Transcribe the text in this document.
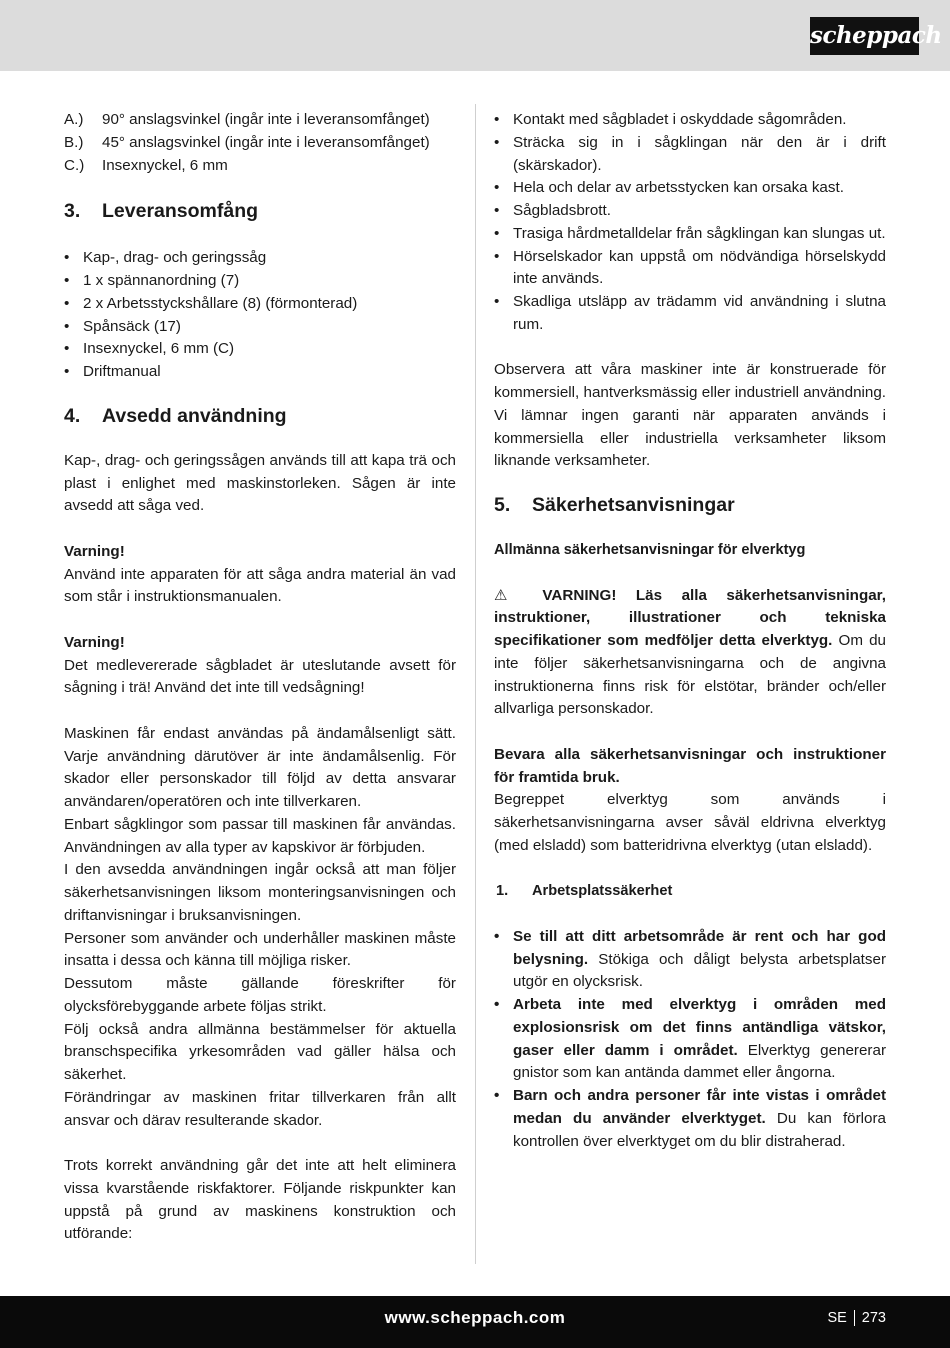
scheppach
A.)	90° anslagsvinkel (ingår inte i leveransomfånget)
B.)	45° anslagsvinkel (ingår inte i leveransomfånget)
C.)	Insexnyckel, 6 mm
3.	Leveransomfång
• Kap-, drag- och geringssåg
• 1 x spännanordning (7)
• 2 x Arbetsstyckshållare (8) (förmonterad)
• Spånsäck (17)
• Insexnyckel, 6 mm (C)
• Driftmanual
4.	Avsedd användning
Kap-, drag- och geringssågen används till att kapa trä och plast i enlighet med maskinstorleken. Sågen är inte avsedd att såga ved.
Varning!
Använd inte apparaten för att såga andra material än vad som står i instruktionsmanualen.
Varning!
Det medlevererade sågbladet är uteslutande avsett för sågning i trä! Använd det inte till vedsågning!
Maskinen får endast användas på ändamålsenligt sätt. Varje användning därutöver är inte ändamålsenlig. För skador eller personskador till följd av detta ansvarar användaren/operatören och inte tillverkaren.
Enbart sågklingor som passar till maskinen får användas. Användningen av alla typer av kapskivor är förbjuden.
I den avsedda användningen ingår också att man följer säkerhetsanvisningen liksom monteringsanvisningen och driftanvisningar i bruksanvisningen.
Personer som använder och underhåller maskinen måste insatta i dessa och känna till möjliga risker.
Dessutom måste gällande föreskrifter för olycksförebyggande arbete följas strikt.
Följ också andra allmänna bestämmelser för aktuella branschspecifika yrkesområden vad gäller hälsa och säkerhet.
Förändringar av maskinen fritar tillverkaren från allt ansvar och därav resulterande skador.
Trots korrekt användning går det inte att helt eliminera vissa kvarstående riskfaktorer. Följande riskpunkter kan uppstå på grund av maskinens konstruktion och utförande:
• Kontakt med sågbladet i oskyddade sågområden.
• Sträcka sig in i sågklingan när den är i drift (skärskador).
• Hela och delar av arbetsstycken kan orsaka kast.
• Sågbladsbrott.
• Trasiga hårdmetalldelar från sågklingan kan slungas ut.
• Hörselskador kan uppstå om nödvändiga hörselskydd inte används.
• Skadliga utsläpp av trädamm vid användning i slutna rum.
Observera att våra maskiner inte är konstruerade för kommersiell, hantverksmässig eller industriell användning. Vi lämnar ingen garanti när apparaten används i kommersiella eller industriella verksamheter liksom liknande verksamheter.
5.	Säkerhetsanvisningar
Allmänna säkerhetsanvisningar för elverktyg
⚠ VARNING! Läs alla säkerhetsanvisningar, instruktioner, illustrationer och tekniska specifikationer som medföljer detta elverktyg. Om du inte följer säkerhetsanvisningarna och de angivna instruktionerna finns risk för elstötar, bränder och/eller allvarliga personskador.
Bevara alla säkerhetsanvisningar och instruktioner för framtida bruk.
Begreppet elverktyg som används i säkerhetsanvisningarna avser såväl eldrivna elverktyg (med elsladd) som batteridrivna elverktyg (utan elsladd).
1.	Arbetsplatssäkerhet
• Se till att ditt arbetsområde är rent och har god belysning. Stökiga och dåligt belysta arbetsplatser utgör en olycksrisk.
• Arbeta inte med elverktyg i områden med explosionsrisk om det finns antändliga vätskor, gaser eller damm i området. Elverktyg genererar gnistor som kan antända dammet eller ångorna.
• Barn och andra personer får inte vistas i området medan du använder elverktyget. Du kan förlora kontrollen över elverktyget om du blir distraherad.
www.scheppach.com	SE 273
